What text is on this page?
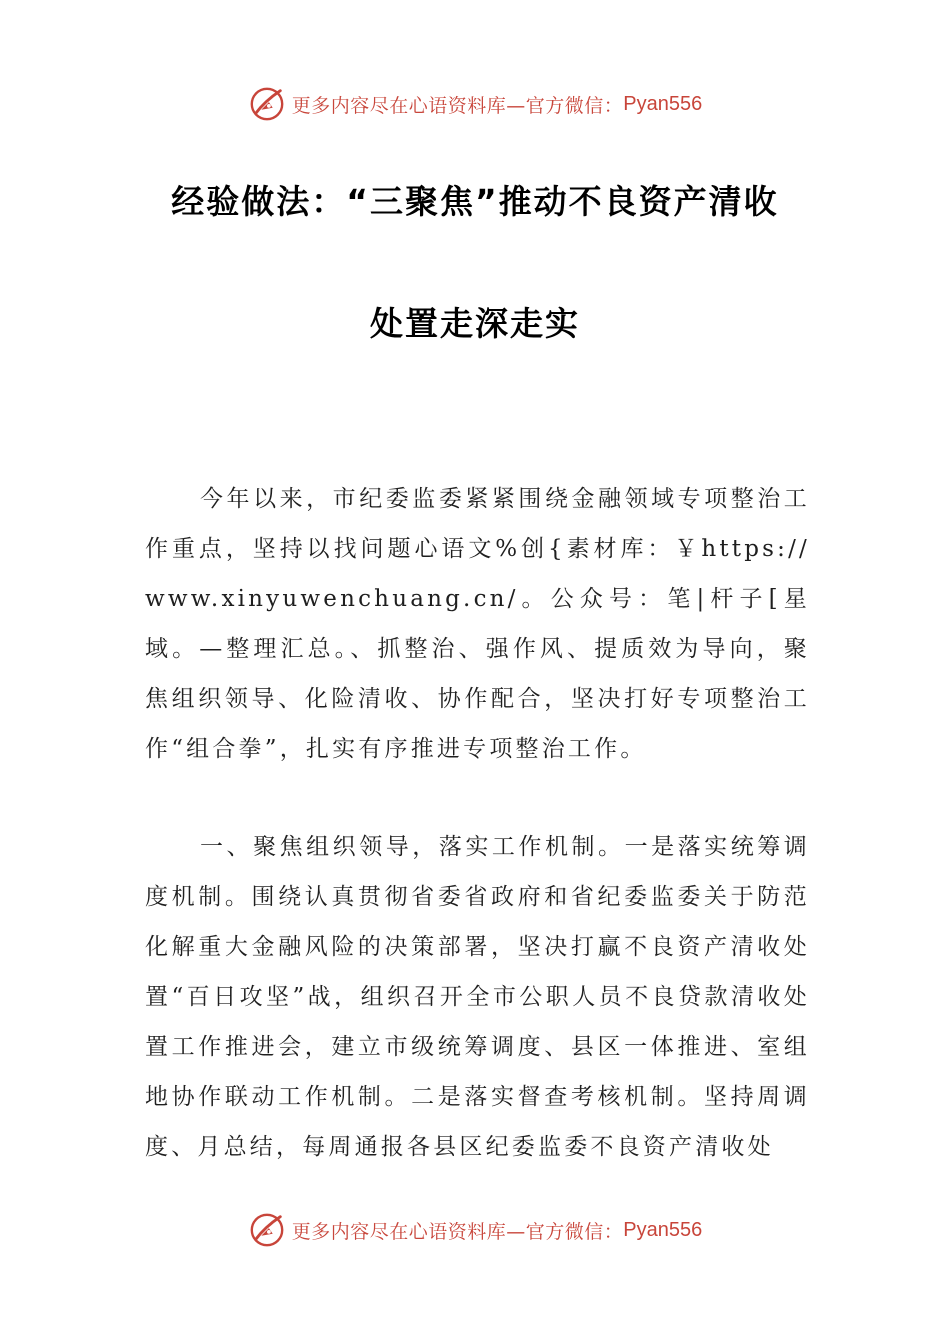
更多内容尽在心语资料库—官方微信： Pyan556
经验做法：“三聚焦”推动不良资产清收
处置走深走实

今年以来，市纪委监委紧紧围绕金融领域专项整治工作重点，坚持以找问题心语文%创{素材库：￥https://www.xinyuwenchuang.cn/。公众号：笔|杆子[星域。—整理汇总。、抓整治、强作风、提质效为导向，聚焦组织领导、化险清收、协作配合，坚决打好专项整治工作“组合拳”，扎实有序推进专项整治工作。

一、聚焦组织领导，落实工作机制。一是落实统筹调度机制。围绕认真贯彻省委省政府和省纪委监委关于防范化解重大金融风险的决策部署，坚决打赢不良资产清收处置“百日攻坚”战，组织召开全市公职人员不良贷款清收处置工作推进会，建立市级统筹调度、县区一体推进、室组地协作联动工作机制。二是落实督查考核机制。坚持周调度、月总结，每周通报各县区纪委监委不良资产清收处

更多内容尽在心语资料库—官方微信： Pyan556
